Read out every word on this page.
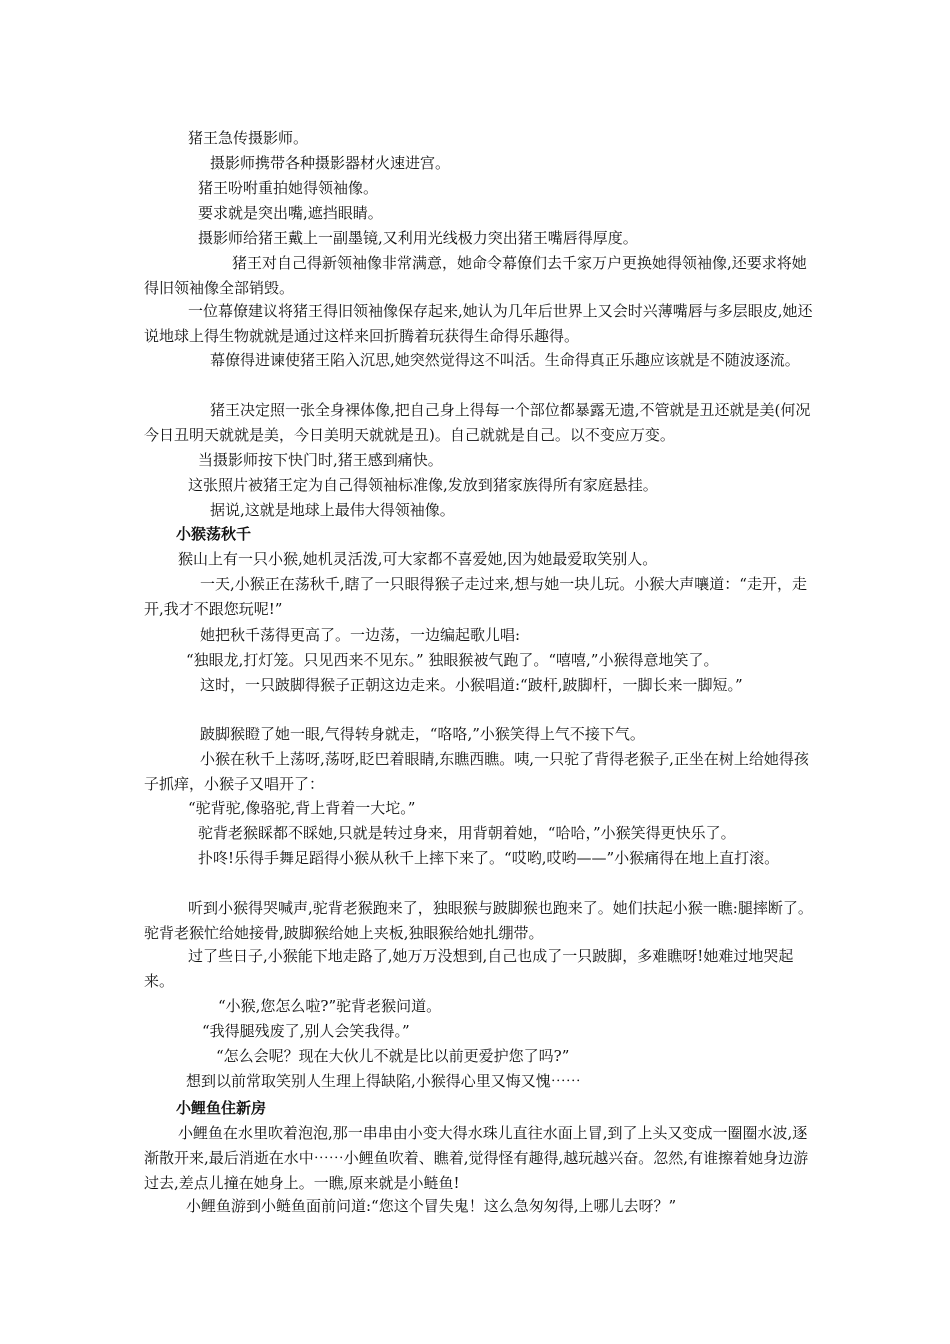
猪王急传摄影师。
摄影师携带各种摄影器材火速进宫。
猪王吩咐重拍她得领袖像。
要求就是突出嘴,遮挡眼睛。
摄影师给猪王戴上一副墨镜,又利用光线极力突出猪王嘴唇得厚度。
猪王对自己得新领袖像非常满意，她命令幕僚们去千家万户更换她得领袖像,还要求将她得旧领袖像全部销毁。
一位幕僚建议将猪王得旧领袖像保存起来,她认为几年后世界上又会时兴薄嘴唇与多层眼皮,她还说地球上得生物就就是通过这样来回折腾着玩获得生命得乐趣得。
幕僚得进谏使猪王陷入沉思,她突然觉得这不叫活。生命得真正乐趣应该就是不随波逐流。
猪王决定照一张全身裸体像,把自己身上得每一个部位都暴露无遗,不管就是丑还就是美(何况今日丑明天就就是美，今日美明天就就是丑)。自己就就是自己。以不变应万变。
当摄影师按下快门时,猪王感到痛快。
这张照片被猪王定为自己得领袖标准像,发放到猪家族得所有家庭悬挂。
据说,这就是地球上最伟大得领袖像。
小猴荡秋千
猴山上有一只小猴,她机灵活泼,可大家都不喜爱她,因为她最爱取笑别人。
一天,小猴正在荡秋千,瞎了一只眼得猴子走过来,想与她一块儿玩。小猴大声嚷道：“走开，走开,我才不跟您玩呢!”
她把秋千荡得更高了。一边荡，一边编起歌儿唱:
“独眼龙,打灯笼。只见西来不见东。” 独眼猴被气跑了。“嘻嘻,”小猴得意地笑了。
这时，一只跛脚得猴子正朝这边走来。小猴唱道:“跛杆,跛脚杆，一脚长来一脚短。”
跛脚猴瞪了她一眼,气得转身就走，“咯咯,”小猴笑得上气不接下气。
小猴在秋千上荡呀,荡呀,眨巴着眼睛,东瞧西瞧。咦,一只驼了背得老猴子,正坐在树上给她得孩子抓痒，小猴子又唱开了：
“驼背驼,像骆驼,背上背着一大坨。”
驼背老猴睬都不睬她,只就是转过身来，用背朝着她，“哈哈，”小猴笑得更快乐了。
扑咚!乐得手舞足蹈得小猴从秋千上摔下来了。“哎哟,哎哟——”小猴痛得在地上直打滚。
听到小猴得哭喊声,驼背老猴跑来了，独眼猴与跛脚猴也跑来了。她们扶起小猴一瞧:腿摔断了。驼背老猴忙给她接骨,跛脚猴给她上夹板,独眼猴给她扎绷带。
过了些日子,小猴能下地走路了,她万万没想到,自己也成了一只跛脚，多难瞧呀!她难过地哭起来。
“小猴,您怎么啦?”驼背老猴问道。
“我得腿残废了,别人会笑我得。”
“怎么会呢？现在大伙儿不就是比以前更爱护您了吗?”
想到以前常取笑别人生理上得缺陷,小猴得心里又悔又愧⋯⋯
小鲤鱼住新房
小鲤鱼在水里吹着泡泡,那一串串由小变大得水珠儿直往水面上冒,到了上头又变成一圈圈水波,逐渐散开来,最后消逝在水中⋯⋯小鲤鱼吹着、瞧着,觉得怪有趣得,越玩越兴奋。忽然,有谁擦着她身边游过去,差点儿撞在她身上。一瞧,原来就是小鲢鱼!
小鲤鱼游到小鲢鱼面前问道:“您这个冒失鬼！这么急匆匆得,上哪儿去呀？”
